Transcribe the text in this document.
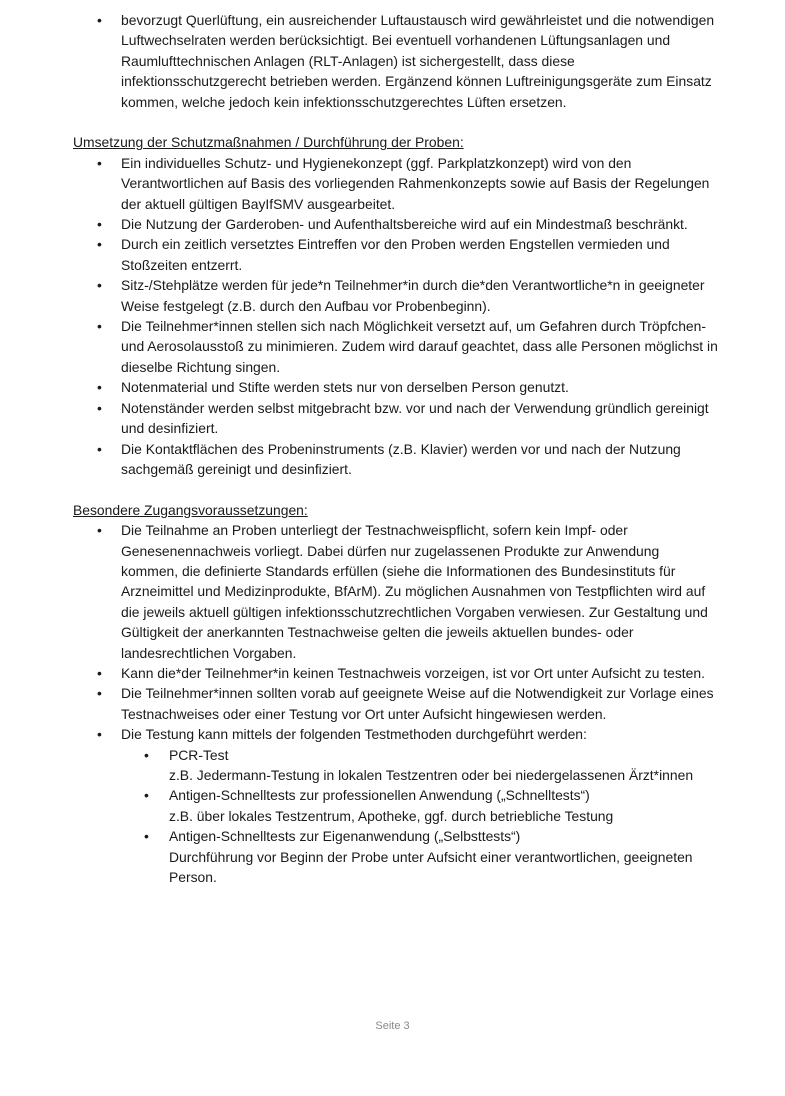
• bevorzugt Querlüftung, ein ausreichender Luftaustausch wird gewährleistet und die notwendigen Luftwechselraten werden berücksichtigt. Bei eventuell vorhandenen Lüftungsanlagen und Raumlufttechnischen Anlagen (RLT-Anlagen) ist sichergestellt, dass diese infektionsschutzgerecht betrieben werden. Ergänzend können Luftreinigungsgeräte zum Einsatz kommen, welche jedoch kein infektionsschutzgerechtes Lüften ersetzen.
Umsetzung der Schutzmaßnahmen / Durchführung der Proben:
• Ein individuelles Schutz- und Hygienekonzept (ggf. Parkplatzkonzept) wird von den Verantwortlichen auf Basis des vorliegenden Rahmenkonzepts sowie auf Basis der Regelungen der aktuell gültigen BayIfSMV ausgearbeitet.
• Die Nutzung der Garderoben- und Aufenthaltsbereiche wird auf ein Mindestmaß beschränkt.
• Durch ein zeitlich versetztes Eintreffen vor den Proben werden Engstellen vermieden und Stoßzeiten entzerrt.
• Sitz-/Stehplätze werden für jede*n Teilnehmer*in durch die*den Verantwortliche*n in geeigneter Weise festgelegt (z.B. durch den Aufbau vor Probenbeginn).
• Die Teilnehmer*innen stellen sich nach Möglichkeit versetzt auf, um Gefahren durch Tröpfchen- und Aerosolausstoß zu minimieren. Zudem wird darauf geachtet, dass alle Personen möglichst in dieselbe Richtung singen.
• Notenmaterial und Stifte werden stets nur von derselben Person genutzt.
• Notenständer werden selbst mitgebracht bzw. vor und nach der Verwendung gründlich gereinigt und desinfiziert.
• Die Kontaktflächen des Probeninstruments (z.B. Klavier) werden vor und nach der Nutzung sachgemäß gereinigt und desinfiziert.
Besondere Zugangsvoraussetzungen:
• Die Teilnahme an Proben unterliegt der Testnachweispflicht, sofern kein Impf- oder Genesenennachweis vorliegt. Dabei dürfen nur zugelassenen Produkte zur Anwendung kommen, die definierte Standards erfüllen (siehe die Informationen des Bundesinstituts für Arzneimittel und Medizinprodukte, BfArM). Zu möglichen Ausnahmen von Testpflichten wird auf die jeweils aktuell gültigen infektionsschutzrechtlichen Vorgaben verwiesen. Zur Gestaltung und Gültigkeit der anerkannten Testnachweise gelten die jeweils aktuellen bundes- oder landesrechtlichen Vorgaben.
• Kann die*der Teilnehmer*in keinen Testnachweis vorzeigen, ist vor Ort unter Aufsicht zu testen.
• Die Teilnehmer*innen sollten vorab auf geeignete Weise auf die Notwendigkeit zur Vorlage eines Testnachweises oder einer Testung vor Ort unter Aufsicht hingewiesen werden.
• Die Testung kann mittels der folgenden Testmethoden durchgeführt werden:
• PCR-Test
z.B. Jedermann-Testung in lokalen Testzentren oder bei niedergelassenen Ärzt*innen
• Antigen-Schnelltests zur professionellen Anwendung („Schnelltests“)
z.B. über lokales Testzentrum, Apotheke, ggf. durch betriebliche Testung
• Antigen-Schnelltests zur Eigenanwendung („Selbsttests“)
Durchführung vor Beginn der Probe unter Aufsicht einer verantwortlichen, geeigneten Person.
Seite 3
